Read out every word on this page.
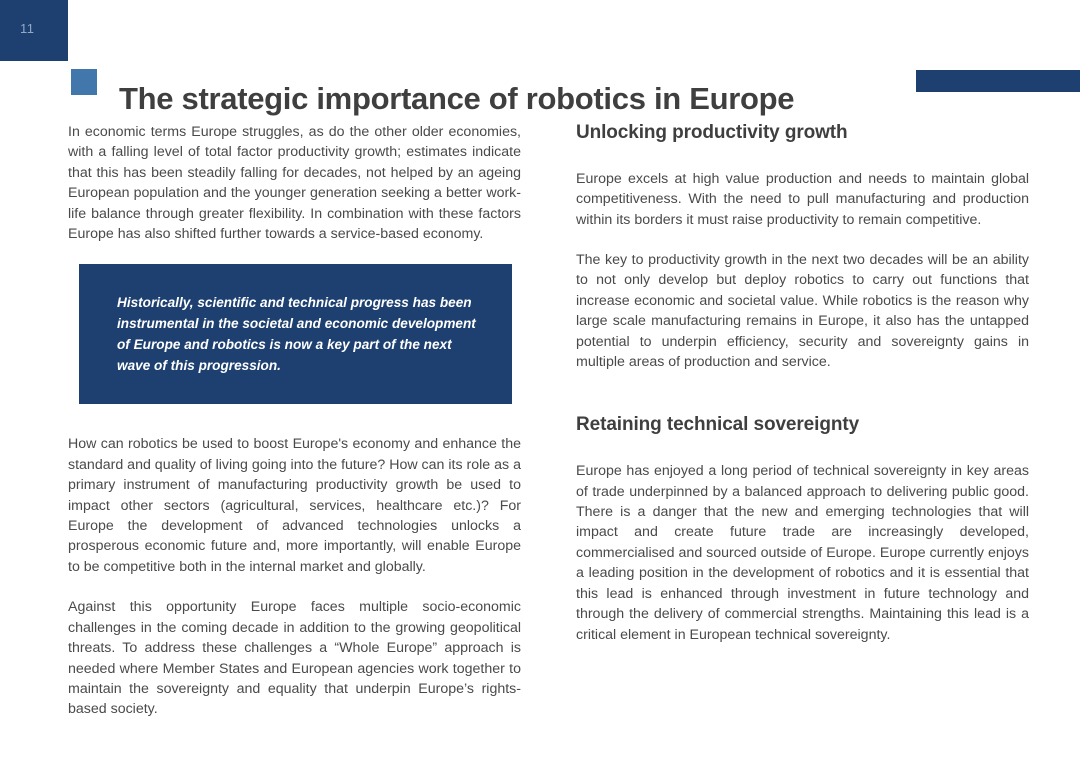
11
The strategic importance of robotics in Europe

In economic terms Europe struggles, as do the other older economies, with a falling level of total factor productivity growth; estimates indicate that this has been steadily falling for decades, not helped by an ageing European population and the younger generation seeking a better work-life balance through greater flexibility. In combination with these factors Europe has also shifted further towards a service-based economy.

Historically, scientific and technical progress has been instrumental in the societal and economic development of Europe and robotics is now a key part of the next wave of this progression.

How can robotics be used to boost Europe's economy and enhance the standard and quality of living going into the future? How can its role as a primary instrument of manufacturing productivity growth be used to impact other sectors (agricultural, services, healthcare etc.)? For Europe the development of advanced technologies unlocks a prosperous economic future and, more importantly, will enable Europe to be competitive both in the internal market and globally.

Against this opportunity Europe faces multiple socio-economic challenges in the coming decade in addition to the growing geopolitical threats. To address these challenges a “Whole Europe” approach is needed where Member States and European agencies work together to maintain the sovereignty and equality that underpin Europe’s rights-based society.

Unlocking productivity growth

Europe excels at high value production and needs to maintain global competitiveness. With the need to pull manufacturing and production within its borders it must raise productivity to remain competitive.

The key to productivity growth in the next two decades will be an ability to not only develop but deploy robotics to carry out functions that increase economic and societal value. While robotics is the reason why large scale manufacturing remains in Europe, it also has the untapped potential to underpin efficiency, security and sovereignty gains in multiple areas of production and service.

Retaining technical sovereignty

Europe has enjoyed a long period of technical sovereignty in key areas of trade underpinned by a balanced approach to delivering public good. There is a danger that the new and emerging technologies that will impact and create future trade are increasingly developed, commercialised and sourced outside of Europe. Europe currently enjoys a leading position in the development of robotics and it is essential that this lead is enhanced through investment in future technology and through the delivery of commercial strengths. Maintaining this lead is a critical element in European technical sovereignty.
